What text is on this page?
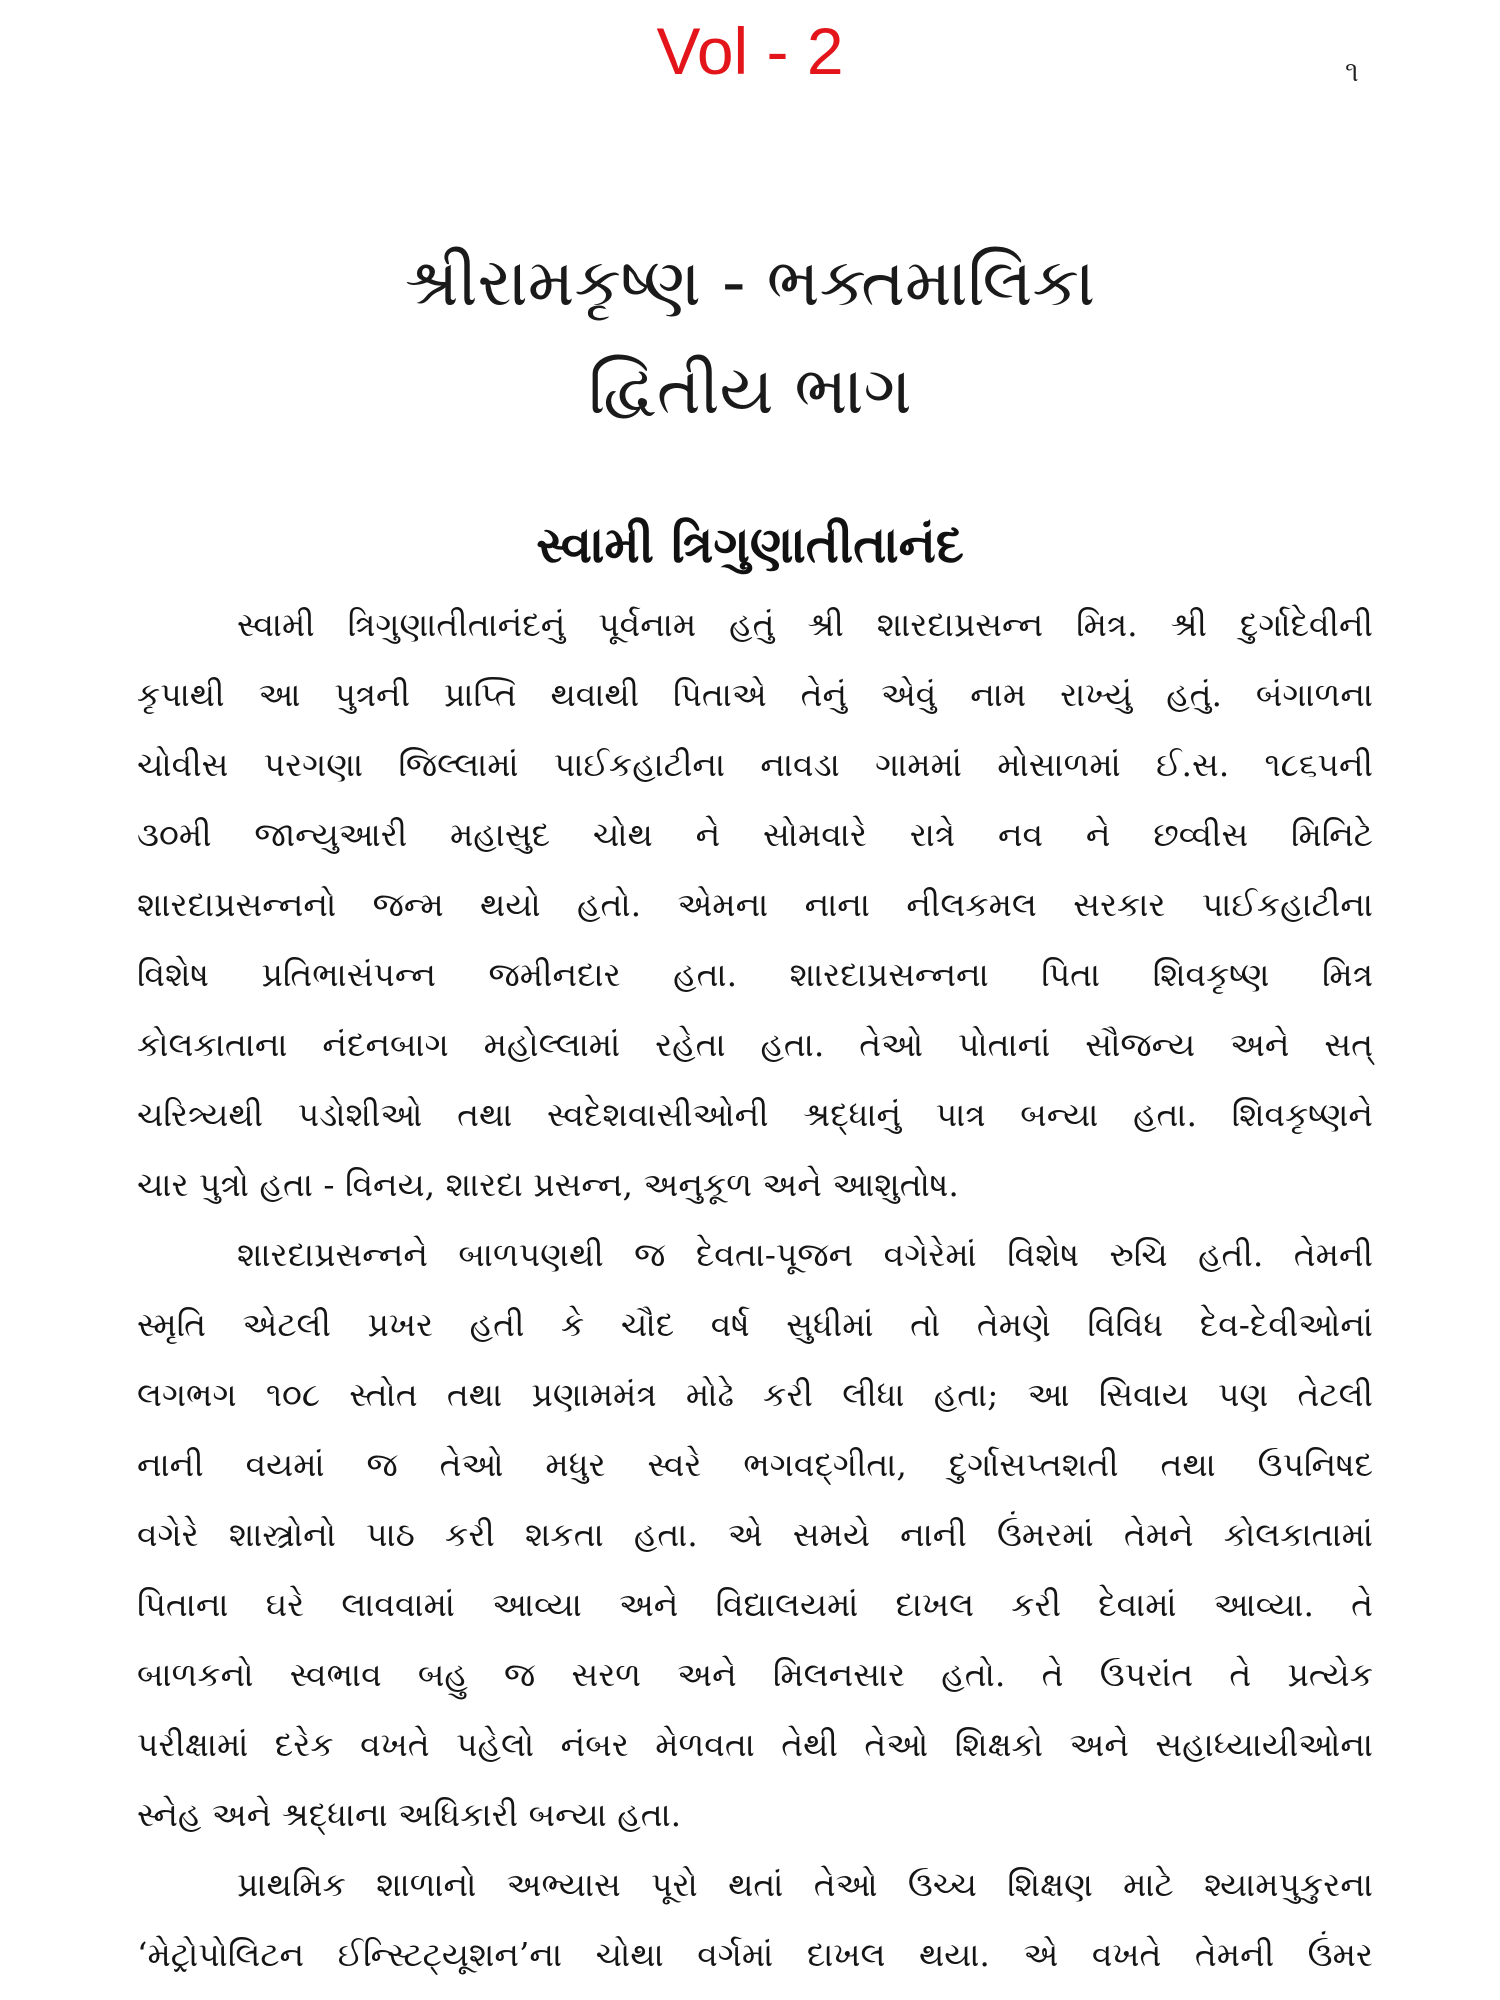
Vol - 2	૧
શ્રીરામકૃષ્ણ - ભક્તમાલિકા
દ્વિતીય ભાગ
સ્વામી ત્રિગુણાતીતાનંદ
સ્વામી ત્રિગુણાતીતાનંદનું પૂર્વનામ હતું શ્રી શારદાપ્રસન્ન મિત્ર. શ્રી દુર્ગાદેવીની
કૃપાથી આ પુત્રની પ્રાપ્તિ થવાથી પિતાએ તેનું એવું નામ રાખ્યું હતું. બંગાળના
ચોવીસ પરગણા જિલ્લામાં પાઈકહાટીના નાવડા ગામમાં મોસાળમાં ઈ.સ. ૧૮૬૫ની
૩૦મી જાન્યુઆરી મહાસુદ ચોથ ને સોમવારે રાત્રે નવ ને છવ્વીસ મિનિટે
શારદાપ્રસન્નનો જન્મ થયો હતો. એમના નાના નીલકમલ સરકાર પાઈકહાટીના
વિશેષ પ્રતિભાસંપન્ન જમીનદાર હતા. શારદાપ્રસન્નના પિતા શિવકૃષ્ણ મિત્ર
કોલકાતાના નંદનબાગ મહોલ્લામાં રહેતા હતા. તેઓ પોતાનાં સૌજન્ય અને સત્
ચરિત્ર્યથી પડોશીઓ તથા સ્વદેશવાસીઓની શ્રદ્ધાનું પાત્ર બન્યા હતા. શિવકૃષ્ણને
ચાર પુત્રો હતા - વિનય, શારદા પ્રસન્ન, અનુકૂળ અને આશુતોષ.
શારદાપ્રસન્નને બાળપણથી જ દેવતા-પૂજન વગેરેમાં વિશેષ રુચિ હતી. તેમની
સ્મૃતિ એટલી પ્રખર હતી કે ચૌદ વર્ષ સુધીમાં તો તેમણે વિવિધ દેવ-દેવીઓનાં
લગભગ ૧૦૮ સ્તોત તથા પ્રણામમંત્ર મોઢે કરી લીધા હતા; આ સિવાય પણ તેટલી
નાની વયમાં જ તેઓ મધુર સ્વરે ભગવદ્ગીતા, દુર્ગાસપ્તશતી તથા ઉપનિષદ
વગેરે શાસ્ત્રોનો પાઠ કરી શકતા હતા. એ સમયે નાની ઉંમરમાં તેમને કોલકાતામાં
પિતાના ઘરે લાવવામાં આવ્યા અને વિદ્યાલયમાં દાખલ કરી દેવામાં આવ્યા. તે
બાળકનો સ્વભાવ બહુ જ સરળ અને મિલનસાર હતો. તે ઉપરાંત તે પ્રત્યેક
પરીક્ષામાં દરેક વખતે પહેલો નંબર મેળવતા તેથી તેઓ શિક્ષકો અને સહાધ્યાયીઓના
સ્નેહ અને શ્રદ્ધાના અધિકારી બન્યા હતા.
પ્રાથમિક શાળાનો અભ્યાસ પૂરો થતાં તેઓ ઉચ્ચ શિક્ષણ માટે શ્યામપુકુરના
‘મેટ્રોપોલિટન ઈન્સ્ટિટ્યૂશન’ના ચોથા વર્ગમાં દાખલ થયા. એ વખતે તેમની ઉંમર
